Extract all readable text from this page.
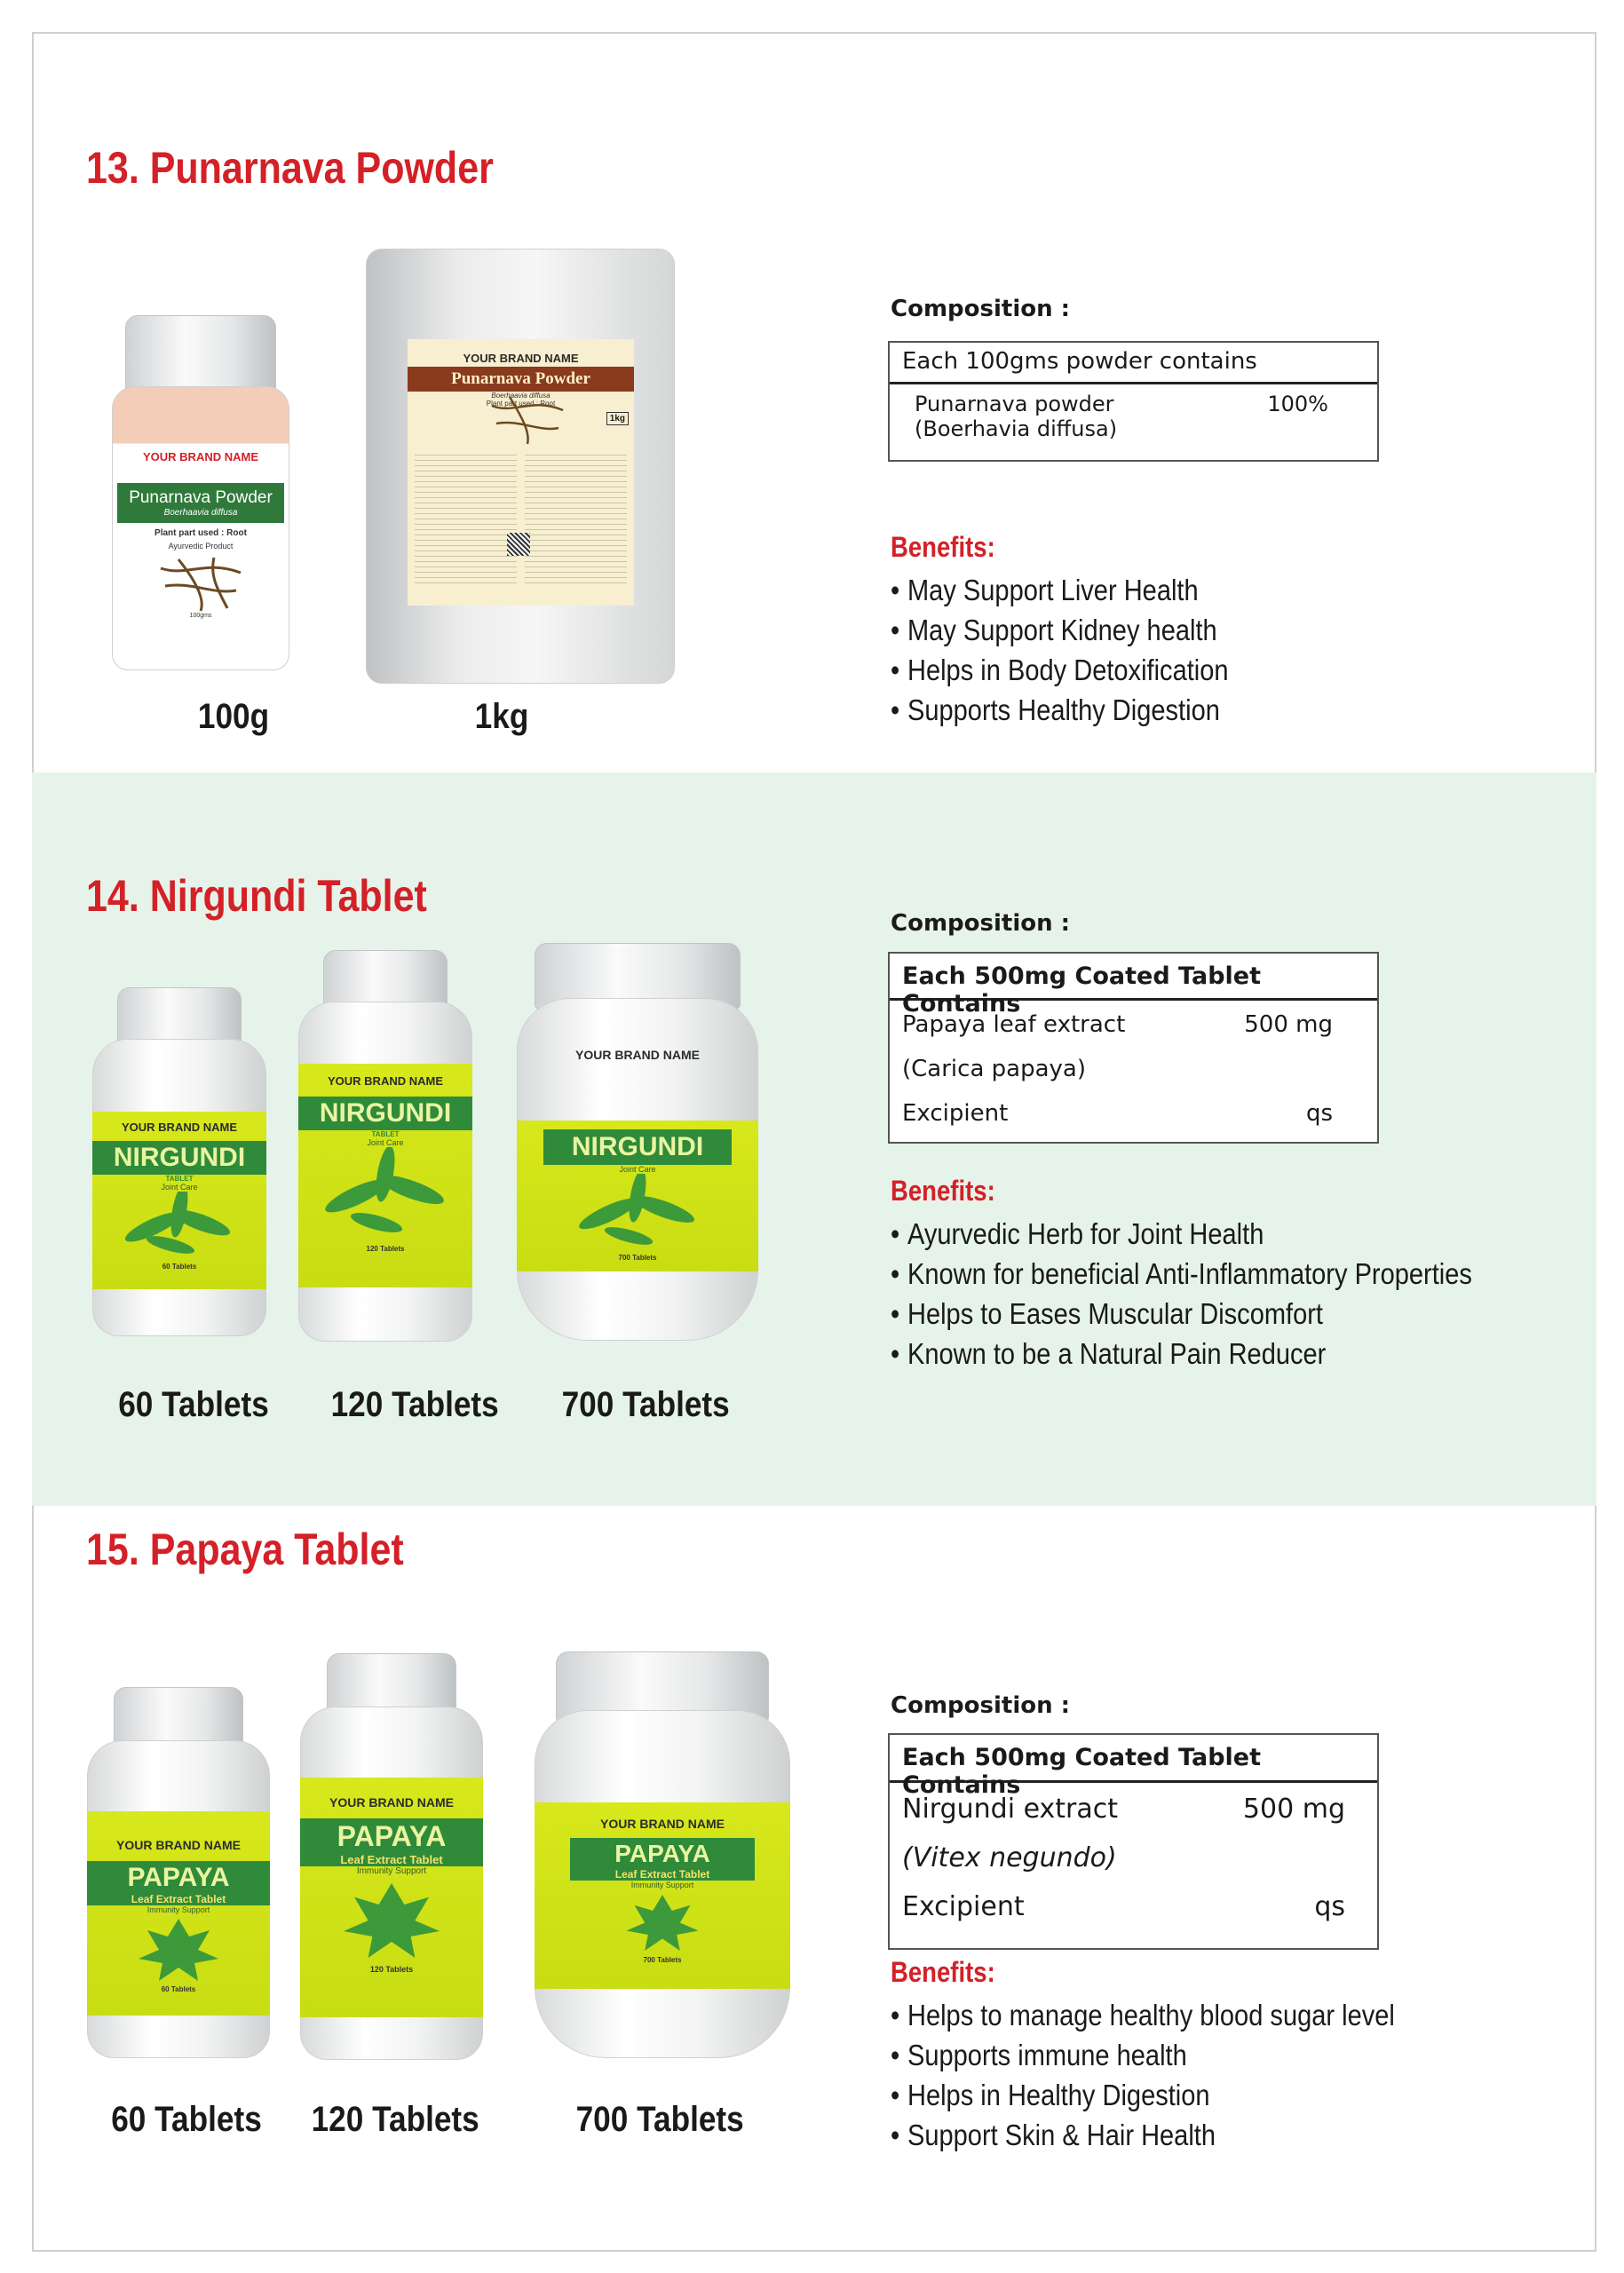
13. Punarnava Powder
YOUR BRAND NAME
Punarnava Powder
Boerhaavia diffusa
Plant part used : Root
Ayurvedic Product
100gms
100g
YOUR BRAND NAME
Punarnava Powder
Boerhaavia diffusa
Plant part used : Root
1kg
1kg
Composition :
Each 100gms powder contains
Punarnava powder	100%
(Boerhavia diffusa)
Benefits:
• May Support Liver Health
• May Support Kidney health
• Helps in Body Detoxification
• Supports Healthy Digestion
14. Nirgundi Tablet
YOUR BRAND NAME
NIRGUNDI
TABLET
Joint Care
60 Tablets
60 Tablets
YOUR BRAND NAME
NIRGUNDI
TABLET
Joint Care
120 Tablets
120 Tablets
NIRGUNDI
Joint Care
700 Tablets
YOUR BRAND NAME
700 Tablets
Composition :
Each 500mg Coated Tablet Contains
Papaya leaf extract	500 mg
(Carica papaya)
Excipient	qs
Benefits:
• Ayurvedic Herb for Joint Health
• Known for beneficial Anti-Inflammatory Properties
• Helps to Eases Muscular Discomfort
• Known to be a Natural Pain Reducer
15. Papaya Tablet
YOUR BRAND NAME
PAPAYA
Leaf Extract Tablet
Immunity Support
60 Tablets
60 Tablets
YOUR BRAND NAME
PAPAYA
Leaf Extract Tablet
Immunity Support
120 Tablets
120 Tablets
YOUR BRAND NAME
PAPAYA
Leaf Extract Tablet
Immunity Support
700 Tablets
700 Tablets
Composition :
Each 500mg Coated Tablet Contains
Nirgundi extract	500 mg
(Vitex negundo)
Excipient	qs
Benefits:
• Helps to manage healthy blood sugar level
• Supports immune health
• Helps in Healthy Digestion
• Support Skin & Hair Health
